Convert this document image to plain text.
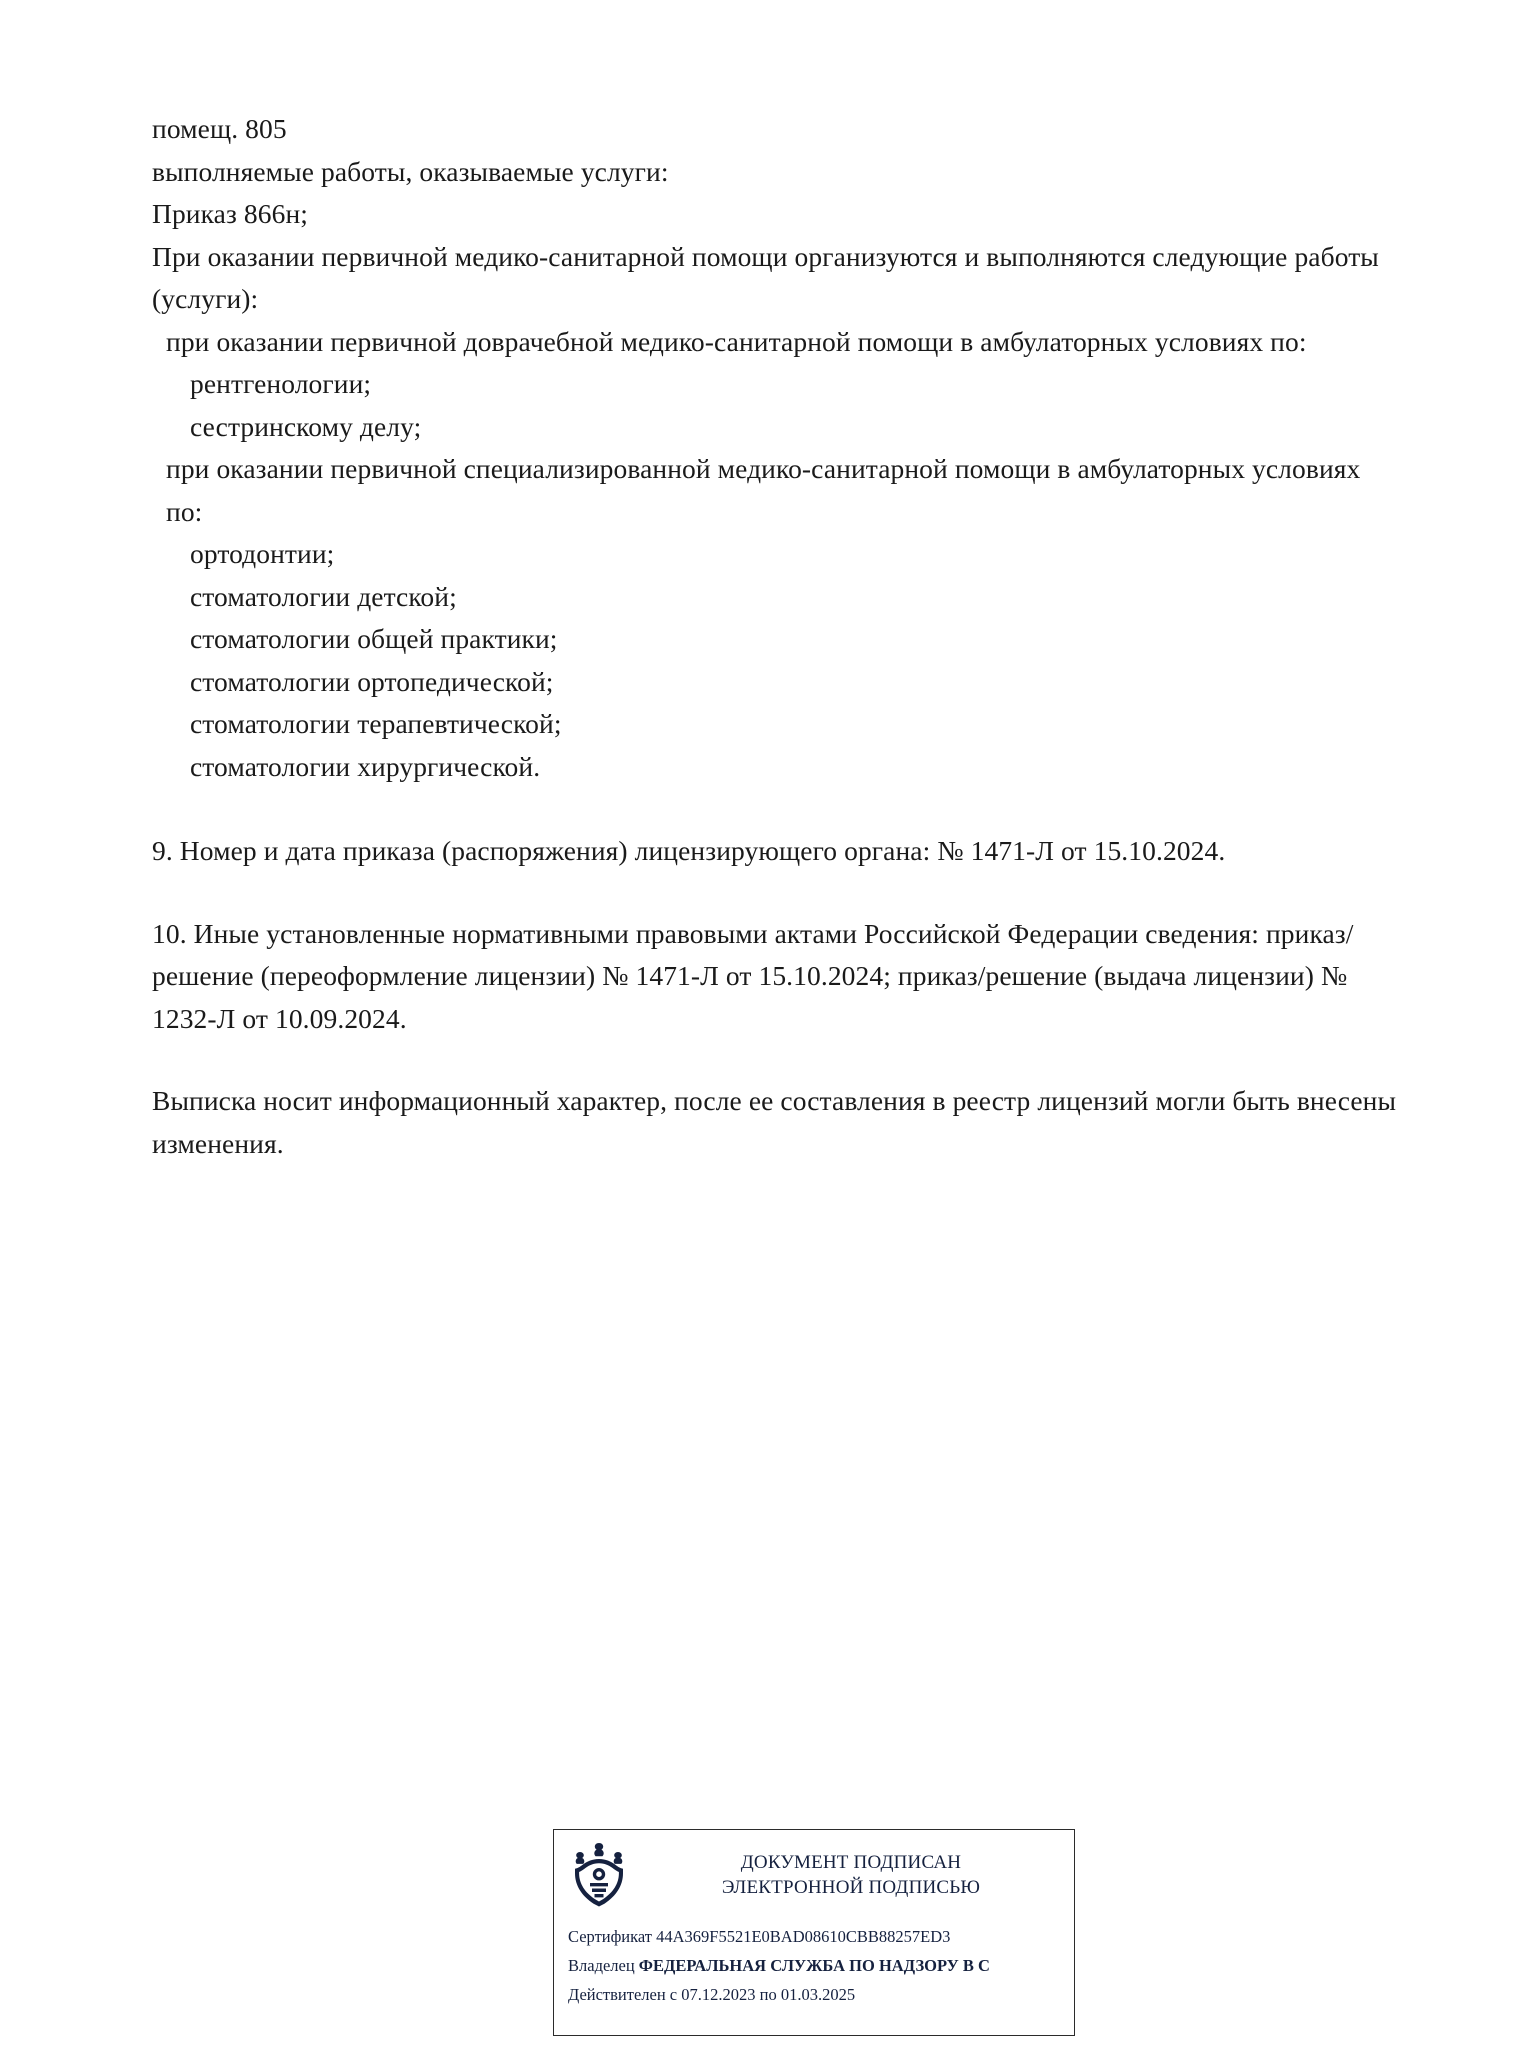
помещ. 805
выполняемые работы, оказываемые услуги:
Приказ 866н;
При оказании первичной медико-санитарной помощи организуются и выполняются следующие работы (услуги):
при оказании первичной доврачебной медико-санитарной помощи в амбулаторных условиях по:
рентгенологии;
сестринскому делу;
при оказании первичной специализированной медико-санитарной помощи в амбулаторных условиях по:
ортодонтии;
стоматологии детской;
стоматологии общей практики;
стоматологии ортопедической;
стоматологии терапевтической;
стоматологии хирургической.

9. Номер и дата приказа (распоряжения) лицензирующего органа: № 1471-Л от 15.10.2024.

10. Иные установленные нормативными правовыми актами Российской Федерации сведения: приказ/решение (переоформление лицензии) № 1471-Л от 15.10.2024; приказ/решение (выдача лицензии) № 1232-Л от 10.09.2024.

Выписка носит информационный характер, после ее составления в реестр лицензий могли быть внесены изменения.

ДОКУМЕНТ ПОДПИСАН
ЭЛЕКТРОННОЙ ПОДПИСЬЮ
Сертификат 44A369F5521E0BAD08610CBB88257ED3
Владелец ФЕДЕРАЛЬНАЯ СЛУЖБА ПО НАДЗОРУ В С
Действителен с 07.12.2023 по 01.03.2025
